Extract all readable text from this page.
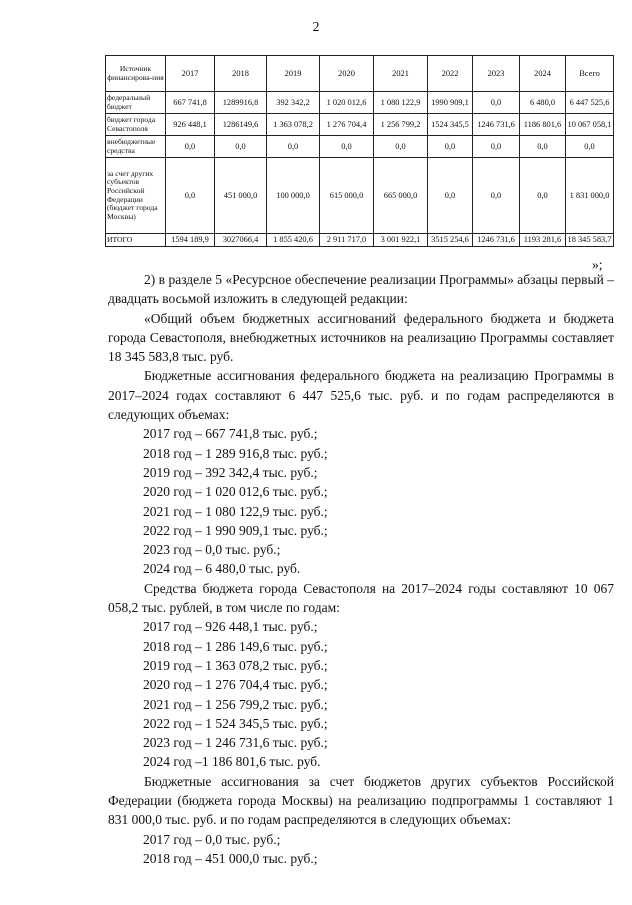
2
Источник финансирова-ния	2017	2018	2019	2020	2021	2022	2023	2024	Всего
федеральный бюджет	667 741,8	1289916,8	392 342,2	1 020 012,6	1 080 122,9	1990 909,1	0,0	6 480,0	6 447 525,6
бюджет города Севастополя	926 448,1	1286149,6	1 363 078,2	1 276 704,4	1 256 799,2	1524 345,5	1246 731,6	1186 801,6	10 067 058,1
внебюджетные средства	0,0	0,0	0,0	0,0	0,0	0,0	0,0	0,0	0,0
за счет других субъектов Российской Федерации (бюджет города Москвы)	0,0	451 000,0	100 000,0	615 000,0	665 000,0	0,0	0,0	0,0	1 831 000,0
ИТОГО	1594 189,9	3027066,4	1 855 420,6	2 911 717,0	3 001 922,1	3515 254,6	1246 731,6	1193 281,6	18 345 583,7
»;

2) в разделе 5 «Ресурсное обеспечение реализации Программы» абзацы первый – двадцать восьмой изложить в следующей редакции:

«Общий объем бюджетных ассигнований федерального бюджета и бюджета города Севастополя, внебюджетных источников на реализацию Программы составляет 18 345 583,8 тыс. руб.

Бюджетные ассигнования федерального бюджета на реализацию Программы в 2017–2024 годах составляют 6 447 525,6 тыс. руб. и по годам распределяются в следующих объемах:

2017 год – 667 741,8 тыс. руб.;

2018 год – 1 289 916,8 тыс. руб.;

2019 год – 392 342,4 тыс. руб.;

2020 год – 1 020 012,6 тыс. руб.;

2021 год – 1 080 122,9 тыс. руб.;

2022 год – 1 990 909,1 тыс. руб.;

2023 год – 0,0 тыс. руб.;

2024 год – 6 480,0 тыс. руб.

Средства бюджета города Севастополя на 2017–2024 годы составляют 10 067 058,2 тыс. рублей, в том числе по годам:

2017 год – 926 448,1 тыс. руб.;

2018 год – 1 286 149,6 тыс. руб.;

2019 год – 1 363 078,2 тыс. руб.;

2020 год – 1 276 704,4 тыс. руб.;

2021 год – 1 256 799,2 тыс. руб.;

2022 год – 1 524 345,5 тыс. руб.;

2023 год – 1 246 731,6 тыс. руб.;

2024 год –1 186 801,6 тыс. руб.

Бюджетные ассигнования за счет бюджетов других субъектов Российской Федерации (бюджета города Москвы) на реализацию подпрограммы 1 составляют 1 831 000,0 тыс. руб. и по годам распределяются в следующих объемах:

2017 год – 0,0 тыс. руб.;

2018 год – 451 000,0 тыс. руб.;
